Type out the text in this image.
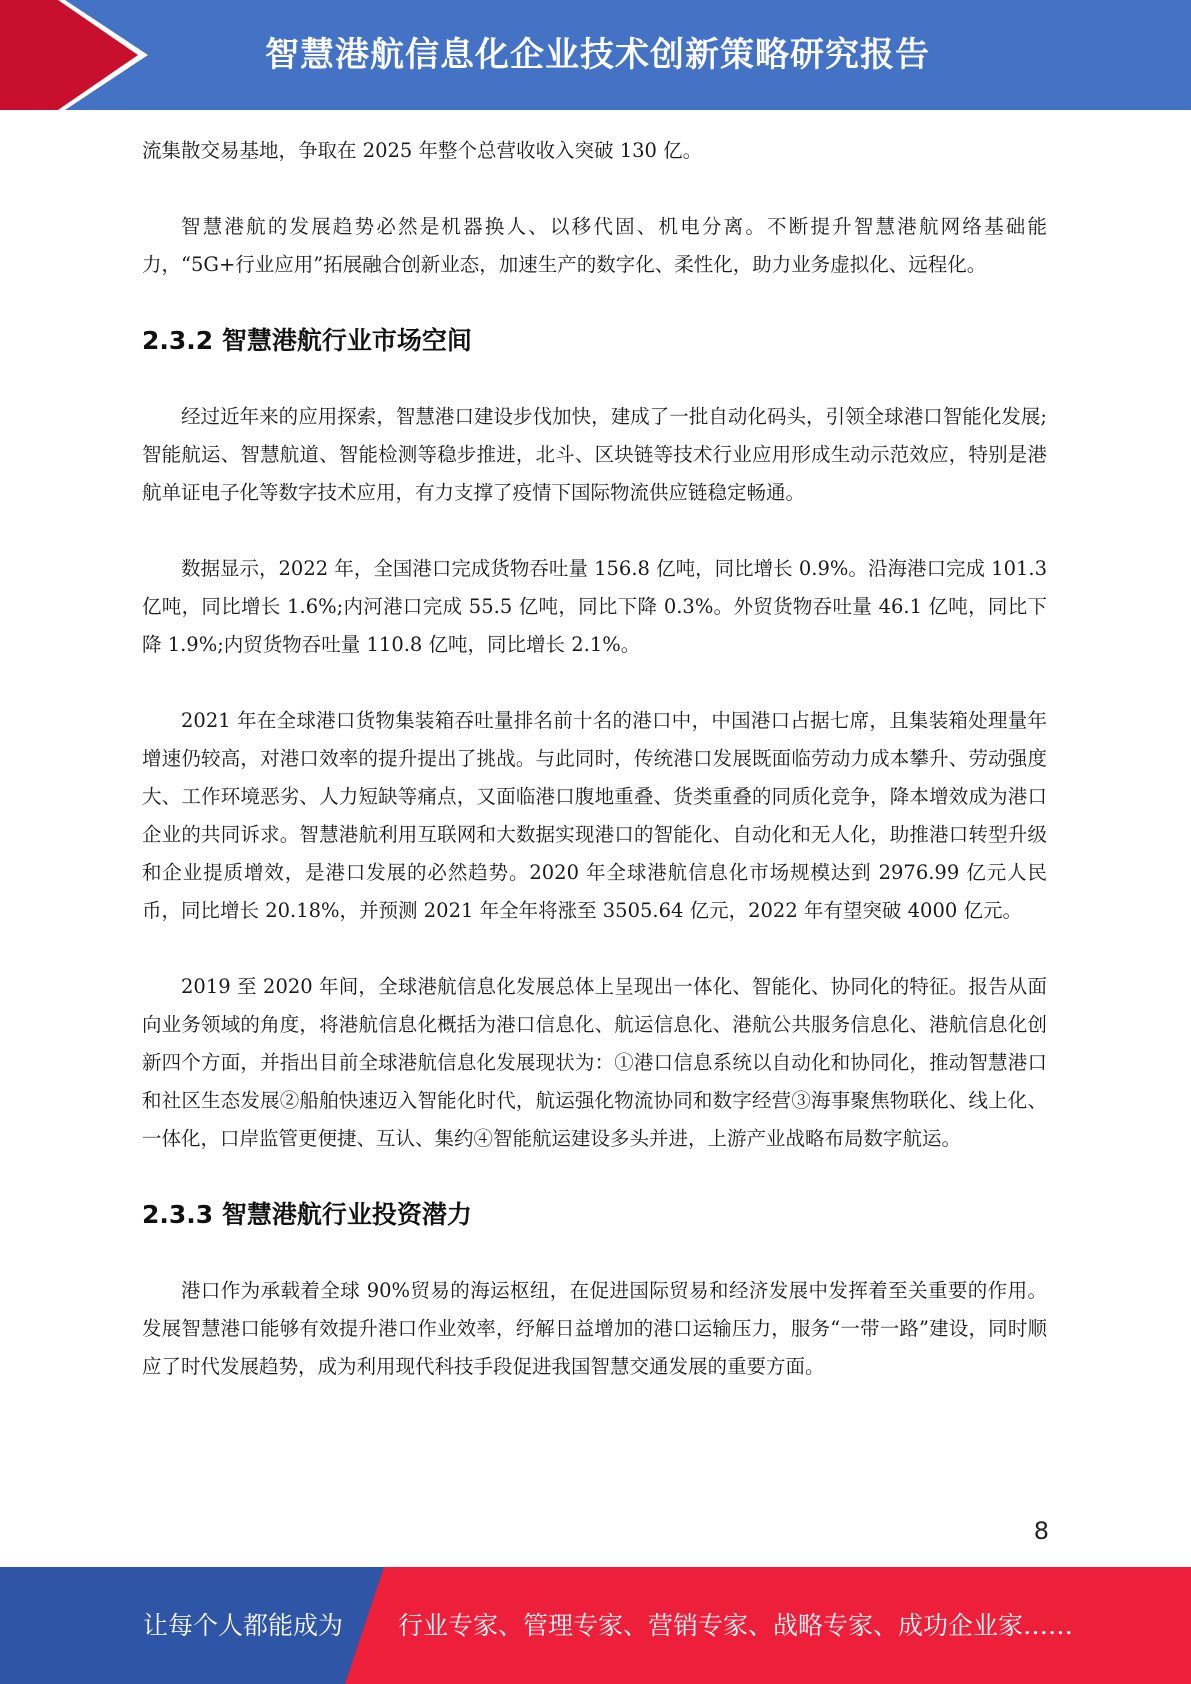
智慧港航信息化企业技术创新策略研究报告

流集散交易基地，争取在 2025 年整个总营收收入突破 130 亿。

智慧港航的发展趋势必然是机器换人、以移代固、机电分离。不断提升智慧港航网络基础能力，“5G+行业应用”拓展融合创新业态，加速生产的数字化、柔性化，助力业务虚拟化、远程化。

2.3.2 智慧港航行业市场空间

经过近年来的应用探索，智慧港口建设步伐加快，建成了一批自动化码头，引领全球港口智能化发展;智能航运、智慧航道、智能检测等稳步推进，北斗、区块链等技术行业应用形成生动示范效应，特别是港航单证电子化等数字技术应用，有力支撑了疫情下国际物流供应链稳定畅通。

数据显示，2022 年，全国港口完成货物吞吐量 156.8 亿吨，同比增长 0.9%。沿海港口完成 101.3 亿吨，同比增长 1.6%;内河港口完成 55.5 亿吨，同比下降 0.3%。外贸货物吞吐量 46.1 亿吨，同比下降 1.9%;内贸货物吞吐量 110.8 亿吨，同比增长 2.1%。

2021 年在全球港口货物集装箱吞吐量排名前十名的港口中，中国港口占据七席，且集装箱处理量年增速仍较高，对港口效率的提升提出了挑战。与此同时，传统港口发展既面临劳动力成本攀升、劳动强度大、工作环境恶劣、人力短缺等痛点，又面临港口腹地重叠、货类重叠的同质化竞争，降本增效成为港口企业的共同诉求。智慧港航利用互联网和大数据实现港口的智能化、自动化和无人化，助推港口转型升级和企业提质增效，是港口发展的必然趋势。2020 年全球港航信息化市场规模达到 2976.99 亿元人民币，同比增长 20.18%，并预测 2021 年全年将涨至 3505.64 亿元，2022 年有望突破 4000 亿元。

2019 至 2020 年间，全球港航信息化发展总体上呈现出一体化、智能化、协同化的特征。报告从面向业务领域的角度，将港航信息化概括为港口信息化、航运信息化、港航公共服务信息化、港航信息化创新四个方面，并指出目前全球港航信息化发展现状为：①港口信息系统以自动化和协同化，推动智慧港口和社区生态发展②船舶快速迈入智能化时代，航运强化物流协同和数字经营③海事聚焦物联化、线上化、一体化，口岸监管更便捷、互认、集约④智能航运建设多头并进，上游产业战略布局数字航运。

2.3.3 智慧港航行业投资潜力

港口作为承载着全球 90%贸易的海运枢纽，在促进国际贸易和经济发展中发挥着至关重要的作用。发展智慧港口能够有效提升港口作业效率，纾解日益增加的港口运输压力，服务“一带一路”建设，同时顺应了时代发展趋势，成为利用现代科技手段促进我国智慧交通发展的重要方面。

8
让每个人都能成为 行业专家、管理专家、营销专家、战略专家、成功企业家……
